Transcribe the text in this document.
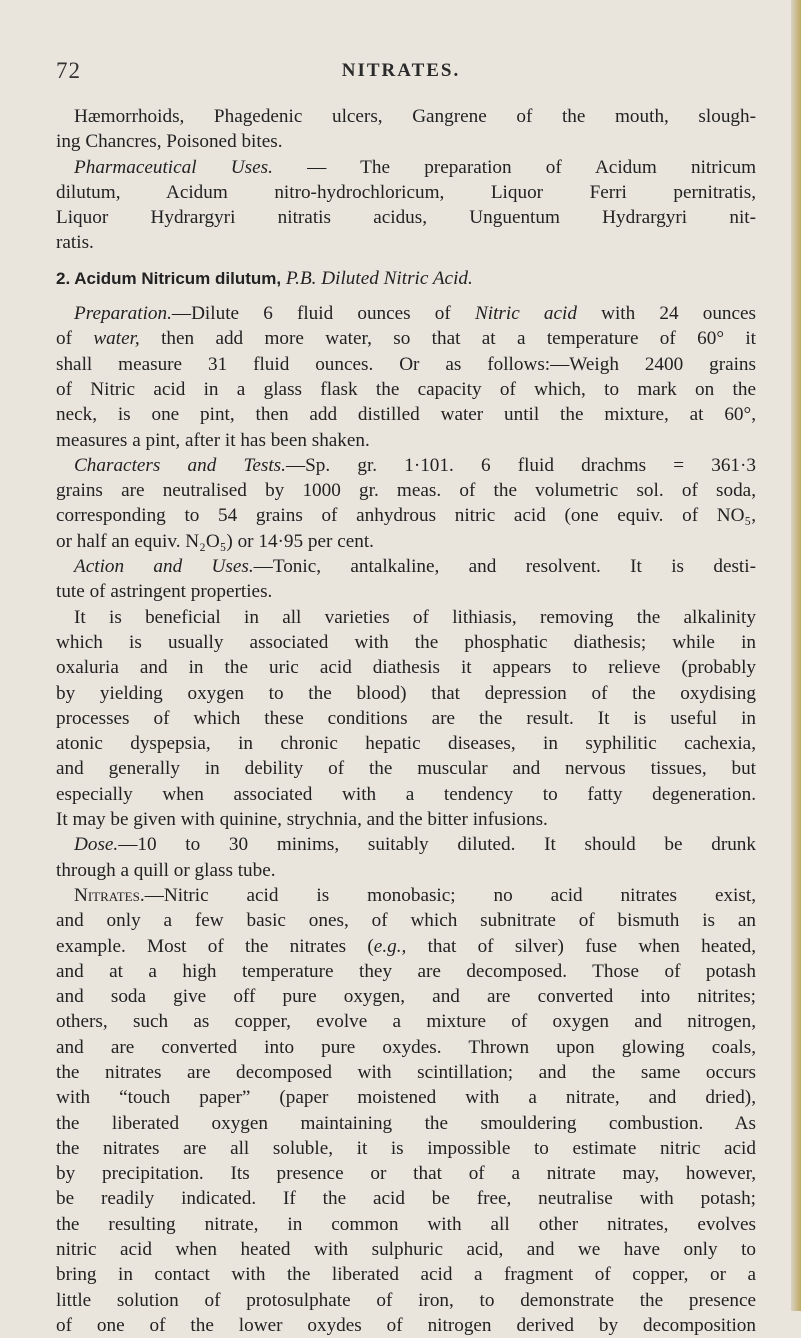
72	NITRATES.
Hæmorrhoids, Phagedenic ulcers, Gangrene of the mouth, slough-
ing Chancres, Poisoned bites.
Pharmaceutical Uses. — The preparation of Acidum nitricum
dilutum, Acidum nitro-hydrochloricum, Liquor Ferri pernitratis,
Liquor Hydrargyri nitratis acidus, Unguentum Hydrargyri nit-
ratis.
2. Acidum Nitricum dilutum, P.B. Diluted Nitric Acid.
Preparation.—Dilute 6 fluid ounces of Nitric acid with 24 ounces
of water, then add more water, so that at a temperature of 60° it
shall measure 31 fluid ounces. Or as follows:—Weigh 2400 grains
of Nitric acid in a glass flask the capacity of which, to mark on the
neck, is one pint, then add distilled water until the mixture, at 60°,
measures a pint, after it has been shaken.
Characters and Tests.—Sp. gr. 1·101. 6 fluid drachms = 361·3
grains are neutralised by 1000 gr. meas. of the volumetric sol. of soda,
corresponding to 54 grains of anhydrous nitric acid (one equiv. of NO₅,
or half an equiv. N₂O₅) or 14·95 per cent.
Action and Uses.—Tonic, antalkaline, and resolvent. It is desti-
tute of astringent properties.
It is beneficial in all varieties of lithiasis, removing the alkalinity
which is usually associated with the phosphatic diathesis; while in
oxaluria and in the uric acid diathesis it appears to relieve (probably
by yielding oxygen to the blood) that depression of the oxydising
processes of which these conditions are the result. It is useful in
atonic dyspepsia, in chronic hepatic diseases, in syphilitic cachexia,
and generally in debility of the muscular and nervous tissues, but
especially when associated with a tendency to fatty degeneration.
It may be given with quinine, strychnia, and the bitter infusions.
Dose.—10 to 30 minims, suitably diluted. It should be drunk
through a quill or glass tube.
Nitrates.—Nitric acid is monobasic; no acid nitrates exist,
and only a few basic ones, of which subnitrate of bismuth is an
example. Most of the nitrates (e.g., that of silver) fuse when heated,
and at a high temperature they are decomposed. Those of potash
and soda give off pure oxygen, and are converted into nitrites;
others, such as copper, evolve a mixture of oxygen and nitrogen,
and are converted into pure oxydes. Thrown upon glowing coals,
the nitrates are decomposed with scintillation; and the same occurs
with “touch paper” (paper moistened with a nitrate, and dried),
the liberated oxygen maintaining the smouldering combustion. As
the nitrates are all soluble, it is impossible to estimate nitric acid
by precipitation. Its presence or that of a nitrate may, however,
be readily indicated. If the acid be free, neutralise with potash;
the resulting nitrate, in common with all other nitrates, evolves
nitric acid when heated with sulphuric acid, and we have only to
bring in contact with the liberated acid a fragment of copper, or a
little solution of protosulphate of iron, to demonstrate the presence
of one of the lower oxydes of nitrogen derived by decomposition
